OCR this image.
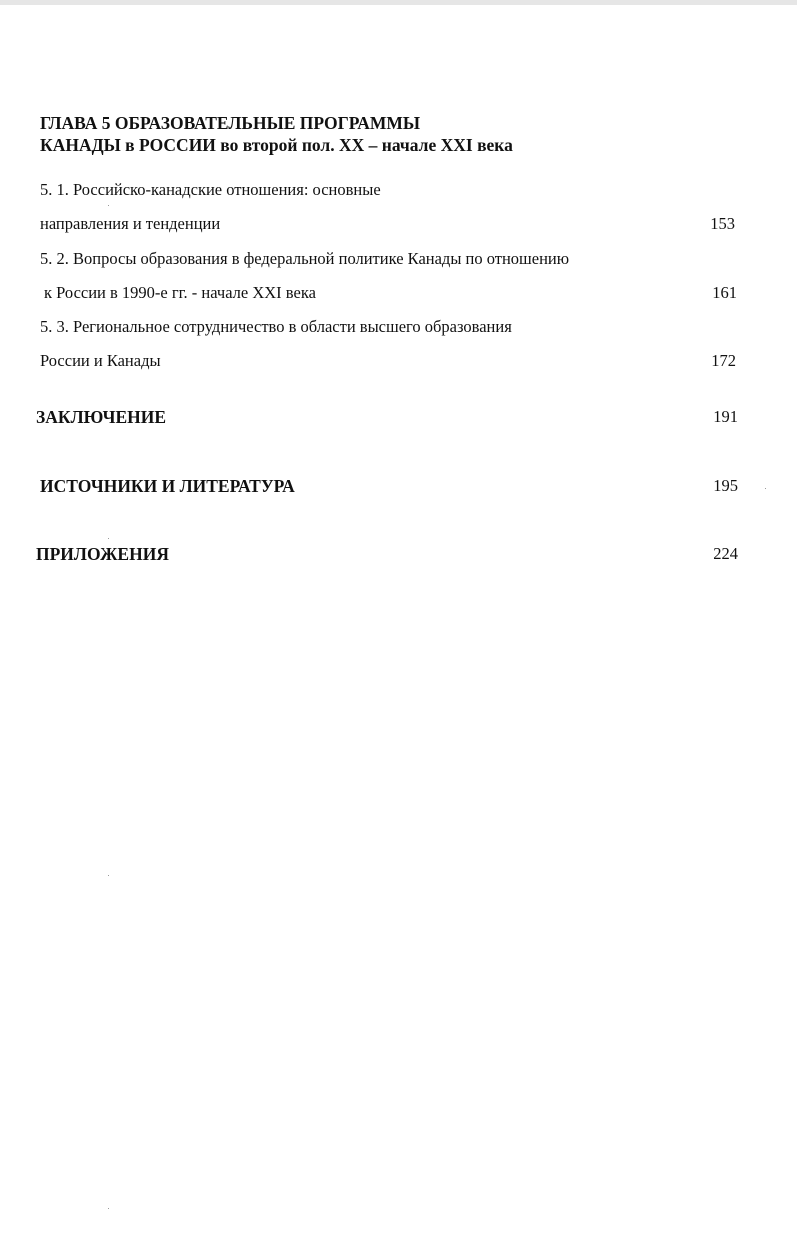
ГЛАВА 5 ОБРАЗОВАТЕЛЬНЫЕ ПРОГРАММЫ
КАНАДЫ в РОССИИ во второй пол. XX – начале XXI века
5. 1. Российско-канадские отношения: основные
направления и тенденции	153
5. 2. Вопросы образования в федеральной политике Канады по отношению
к России в 1990-е гг. - начале XXI века	161
5. 3. Региональное сотрудничество в области высшего образования
России и Канады	172
ЗАКЛЮЧЕНИЕ	191
ИСТОЧНИКИ И ЛИТЕРАТУРА	195
ПРИЛОЖЕНИЯ	224
